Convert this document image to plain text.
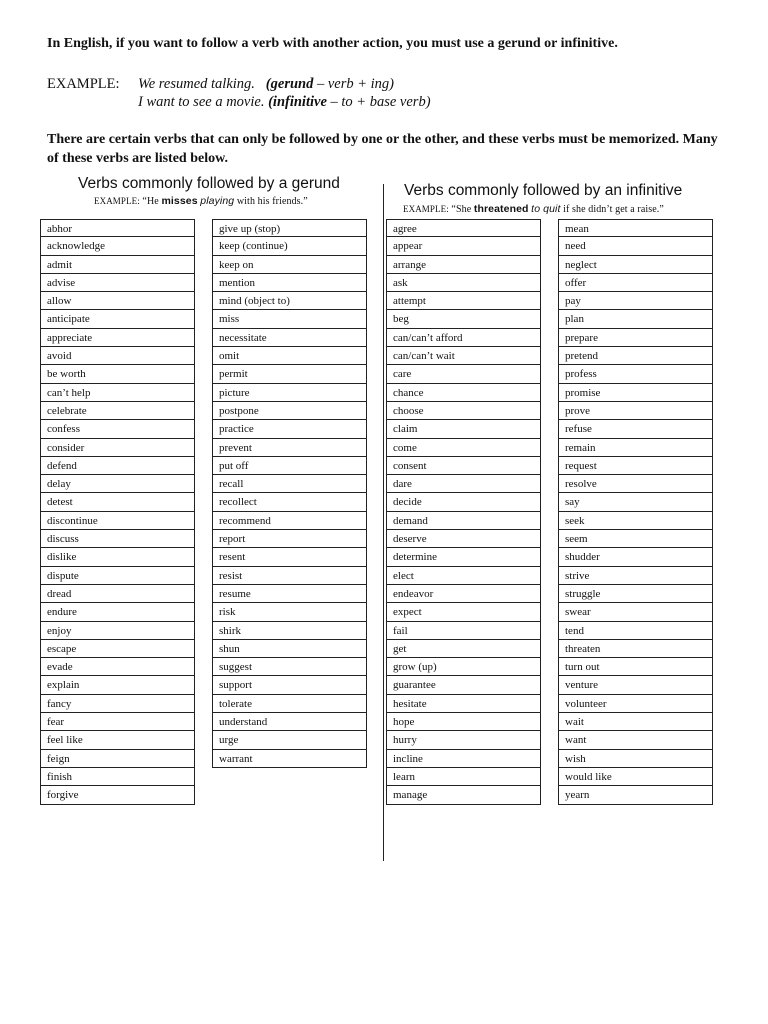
In English, if you want to follow a verb with another action, you must use a gerund or infinitive.
EXAMPLE: We resumed talking. (gerund – verb + ing)
I want to see a movie. (infinitive – to + base verb)
There are certain verbs that can only be followed by one or the other, and these verbs must be memorized. Many of these verbs are listed below.
Verbs commonly followed by a gerund
EXAMPLE: “He misses playing with his friends.”
Verbs commonly followed by an infinitive
EXAMPLE: “She threatened to quit if she didn’t get a raise.”
abhor
acknowledge
admit
advise
allow
anticipate
appreciate
avoid
be worth
can’t help
celebrate
confess
consider
defend
delay
detest
discontinue
discuss
dislike
dispute
dread
endure
enjoy
escape
evade
explain
fancy
fear
feel like
feign
finish
forgive
give up (stop)
keep (continue)
keep on
mention
mind (object to)
miss
necessitate
omit
permit
picture
postpone
practice
prevent
put off
recall
recollect
recommend
report
resent
resist
resume
risk
shirk
shun
suggest
support
tolerate
understand
urge
warrant
agree
appear
arrange
ask
attempt
beg
can/can’t afford
can/can’t wait
care
chance
choose
claim
come
consent
dare
decide
demand
deserve
determine
elect
endeavor
expect
fail
get
grow (up)
guarantee
hesitate
hope
hurry
incline
learn
manage
mean
need
neglect
offer
pay
plan
prepare
pretend
profess
promise
prove
refuse
remain
request
resolve
say
seek
seem
shudder
strive
struggle
swear
tend
threaten
turn out
venture
volunteer
wait
want
wish
would like
yearn
